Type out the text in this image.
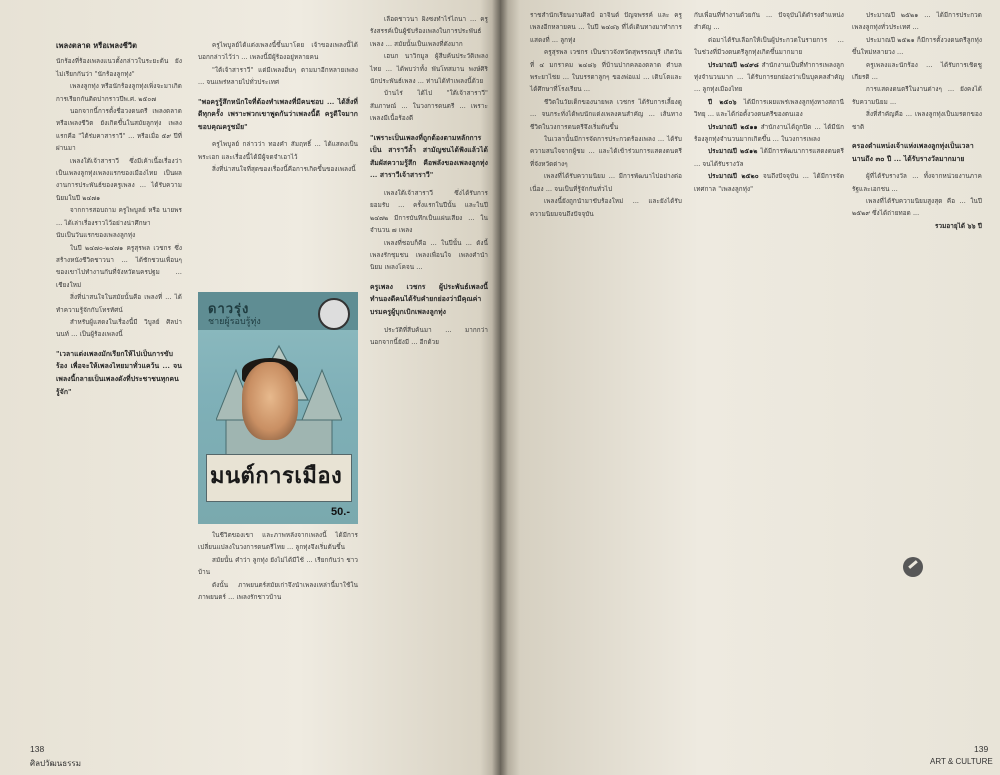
เพลงตลาด หรือเพลงชีวิต

นักร้องที่ร้องเพลงแนวตั้งกล่าวในระยะต้น ยังไม่เรียกกันว่า "นักร้องลูกทุ่ง"

เพลงลูกทุ่ง หรือนักร้องลูกทุ่งเพิ่งจะมาเกิดการเรียกกันติดปากราวปีพ.ศ. ๒๕๐๗

นอกจากนี้การตั้งชื่อวงดนตรี เพลงตลาด หรือเพลงชีวิต ยังเกิดขึ้นในสมัยลูกทุ่ง เพลงแรกคือ "ใต้ร่มคาสาราวี" ... หรือเมื่อ ๕๙ ปีที่ผ่านมา

เพลงใต้เจ้าสาราวี ซึ่งมีเค้าเนื้อเรื่องว่าเป็นเพลงลูกทุ่งเพลงแรกของเมืองไทย เป็นผลงานการประพันธ์ของครูเพลง ... ได้รับความนิยมในปี ๒๔๗๑

จากการสอบถาม ครูไพบูลย์ หรือ นายพร ... ได้เล่าเรื่องราวไว้อย่างน่าศึกษา

นับเป็นวันแรกของเพลงลูกทุ่ง

ในปี ๒๔๗๐-๒๔๗๑ ครูสุรพล เวชกร ซึ่งสร้างหนังชีวิตชาวนา ... ได้ชักชวนเพื่อนๆ ของเขาไปทำงานกันที่จังหวัดนครปฐม ... เชียงใหม่

สิ่งที่น่าสนใจในสมัยนั้นคือ เพลงที่ ... ได้ทำความรู้จักกับโทรทัศน์

สำหรับผู้แสดงในเรื่องนี้มี วิบูลย์ ศิลปานนท์ ... เป็นผู้ร้องเพลงนี้

"เวลาแต่งเพลงมักเรียกให้ไปเป็นการขับร้อง เพื่อจะให้เพลงไทยมาทั่วแคว้น ... จนเพลงนี้กลายเป็นเพลงดังที่ประชาชนทุกคนรู้จัก"

ครูไพบูลย์ได้แต่งเพลงนี้ขึ้นมาโดย เจ้าของเพลงนี้ได้บอกกล่าวไว้ว่า ... เพลงนี้มีผู้ร้องอยู่หลายคน

"ใต้เจ้าสาราวี" แต่มีเพลงอื่นๆ ตามมาอีกหลายเพลง ... จนแพร่หลายไปทั่วประเทศ

"พอครูรู้สึกหนักใจที่ต้องทำเพลงที่มีคนชอบ ... ได้สิ่งที่ดีทุกครั้ง เพราะพวกเขาพูดกันว่าเพลงนี้ดี ครูดีใจมาก ขอบคุณครูชมัย"

ครูไพบูลย์ กล่าวว่า ทองคำ สัมฤทธิ์ ... ได้แสดงเป็นพระเอก และเรื่องนี้ได้มีผู้จดจำเอาไว้

สิ่งที่น่าสนใจที่สุดของเรื่องนี้คือการเกิดขึ้นของเพลงนี้

ดาวรุ่ง
ชายผู้รอบรู้ทุ่ง
มนต์การเมือง
50.-

ในชีวิตของเขา และภาพหลังจากเพลงนี้ ได้มีการเปลี่ยนแปลงในวงการดนตรีไทย ... ลูกทุ่งจึงเริ่มต้นขึ้น

สมัยนั้น คำว่า ลูกทุ่ง ยังไม่ได้มีใช้ ... เรียกกันว่า ชาวบ้าน

ดังนั้น ภาพยนตร์สมัยเก่าจึงนำเพลงเหล่านี้มาใช้ในภาพยนตร์ ... เพลงรักชาวบ้าน

เลือดชาวนา ผิงซงทำไร่ไถนา ... ครูรังสรรค์เป็นผู้ขับร้องเพลงในการประพันธ์เพลง ... สมัยนั้นเป็นเพลงที่ดังมาก

เฮนก นาวิกมูล ผู้สืบค้นประวัติเพลงไทย ... ได้พบว่าทั้ง พันโทสมาน พงษ์ศิริ นักประพันธ์เพลง ... ท่านได้ทำเพลงนี้ด้วย

บ้านไร่ ได้ไป "ใต้เจ้าสาราวี" สัมภาษณ์ ... ในวงการดนตรี ... เพราะเพลงมีเนื้อร้องดี

"เพราะเป็นเพลงที่ถูกต้องตามหลักการ เป็น สาราวีล้ำ สามัญชนได้ฟังแล้วได้สัมผัสความรู้สึก คือพลังของเพลงลูกทุ่ง ... สาราวีเจ้าสาราวี"

เพลงใต้เจ้าสาราวี ซึ่งได้รับการยอมรับ ... ครั้งแรกในปีนั้น และในปี ๒๔๗๒ มีการบันทึกเป็นแผ่นเสียง ... ในจำนวน ๗ เพลง

เพลงที่ชอบก็คือ ... ในปีนั้น ... ดังนี้ เพลงรักชุมชน เพลงเพื่อนใจ เพลงคำนำนิยม เพลงโคจน ...

ครูเพลง เวชกร ผู้ประพันธ์เพลงนี้ ทำนองดีคนได้รับคำยกย่องว่ามีคุณค่า บรมครูผู้บุกเบิกเพลงลูกทุ่ง

ประวัติที่สืบค้นมา ... มากกว่า นอกจากนี้ยังมี ... อีกด้วย

138
ศิลปวัฒนธรรม

ราชสำนักเรียนงานศิลป์ อาจินต์ ปัญจพรรค์ และ ครูเพลงอีกหลายคน ... ในปี ๒๔๘๖ ที่ได้เดินทางมาทำการแสดงที่ ... ลูกทุ่ง

ครูสุรพล เวชกร เป็นชาวจังหวัดสุพรรณบุรี เกิดวันที่ ๔ มกราคม ๒๔๘๖ ที่บ้านปากคลองตลาด ตำบลพระยาไชย ... ในบรรดาลูกๆ ของพ่อแม่ ... เติบโตและได้ศึกษาที่โรงเรียน ...

ชีวิตในวัยเด็กของนายพล เวชกร ได้รับการเลี้ยงดู ... จนกระทั่งได้พบนักแต่งเพลงคนสำคัญ ... เส้นทางชีวิตในวงการดนตรีจึงเริ่มต้นขึ้น

ในเวลานั้นมีการจัดการประกวดร้องเพลง ... ได้รับความสนใจจากผู้ชม ... และได้เข้าร่วมการแสดงดนตรีที่จังหวัดต่างๆ

เพลงที่ได้รับความนิยม ... มีการพัฒนาไปอย่างต่อเนื่อง ... จนเป็นที่รู้จักกันทั่วไป

เพลงนี้ยังถูกนำมาขับร้องใหม่ ... และยังได้รับความนิยมจนถึงปัจจุบัน

กับเพื่อนที่ทำงานด้วยกัน ... ปัจจุบันได้ดำรงตำแหน่งสำคัญ ...

ต่อมาได้รับเลือกให้เป็นผู้ประกวดในรายการ ... ในช่วงที่มีวงดนตรีลูกทุ่งเกิดขึ้นมากมาย

ประมาณปี ๒๔๙๘ สำนักงานเป็นที่ทำการเพลงลูกทุ่งจำนวนมาก ... ได้รับการยกย่องว่าเป็นบุคคลสำคัญ ... ลูกทุ่งเมืองไทย

ปี ๒๕๐๖ ได้มีการเผยแพร่เพลงลูกทุ่งทางสถานีวิทยุ ... และได้ก่อตั้งวงดนตรีของตนเอง

ประมาณปี ๒๕๑๑ สำนักงานได้ถูกปิด ... ได้มีนักร้องลูกทุ่งจำนวนมากเกิดขึ้น ... ในวงการเพลง

ประมาณปี ๒๕๑๒ ได้มีการพัฒนาการแสดงดนตรี ... จนได้รับรางวัล

ประมาณปี ๒๕๒๐ จนถึงปัจจุบัน ... ได้มีการจัดเทศกาล "เพลงลูกทุ่ง"

ประมาณปี ๒๕๒๑ ... ได้มีการประกวดเพลงลูกทุ่งทั่วประเทศ ...

ประมาณปี ๒๕๒๑ ก็มีการตั้งวงดนตรีลูกทุ่งขึ้นใหม่หลายวง ...

ครูเพลงและนักร้อง ... ได้รับการเชิดชูเกียรติ ...

การแสดงดนตรีในงานต่างๆ ... ยังคงได้รับความนิยม ...

สิ่งที่สำคัญคือ ... เพลงลูกทุ่งเป็นมรดกของชาติ

ครองตำแหน่งเจ้าแห่งเพลงลูกทุ่งเป็นเวลานานถึง ๓๐ ปี ... ได้รับรางวัลมากมาย

ผู้ที่ได้รับรางวัล ... ทั้งจากหน่วยงานภาครัฐและเอกชน ...

เพลงที่ได้รับความนิยมสูงสุด คือ ... ในปี ๒๕๒๙ ซึ่งได้ถ่ายทอด ...

รวมอายุได้ ๖๖ ปี

139
ART & CULTURE
